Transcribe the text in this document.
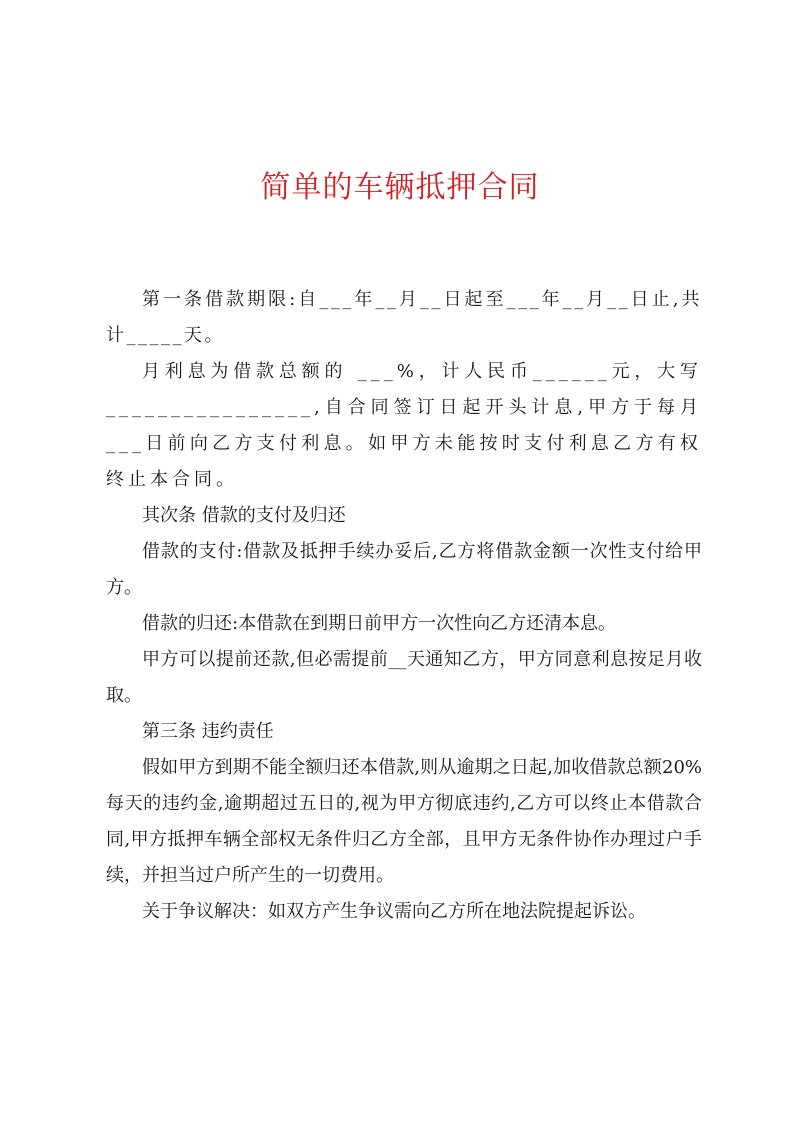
简单的车辆抵押合同

第一条借款期限:自___年__月__日起至___年__月__日止,共计_____天。

月利息为借款总额的 ___%，计人民币______元，大写________________,自合同签订日起开头计息,甲方于每月___日前向乙方支付利息。如甲方未能按时支付利息乙方有权终止本合同。

其次条 借款的支付及归还

借款的支付:借款及抵押手续办妥后,乙方将借款金额一次性支付给甲方。

借款的归还:本借款在到期日前甲方一次性向乙方还清本息。

甲方可以提前还款,但必需提前__天通知乙方，甲方同意利息按足月收取。

第三条 违约责任

假如甲方到期不能全额归还本借款,则从逾期之日起,加收借款总额20%每天的违约金,逾期超过五日的,视为甲方彻底违约,乙方可以终止本借款合同,甲方抵押车辆全部权无条件归乙方全部，且甲方无条件协作办理过户手续，并担当过户所产生的一切费用。

关于争议解决：如双方产生争议需向乙方所在地法院提起诉讼。
